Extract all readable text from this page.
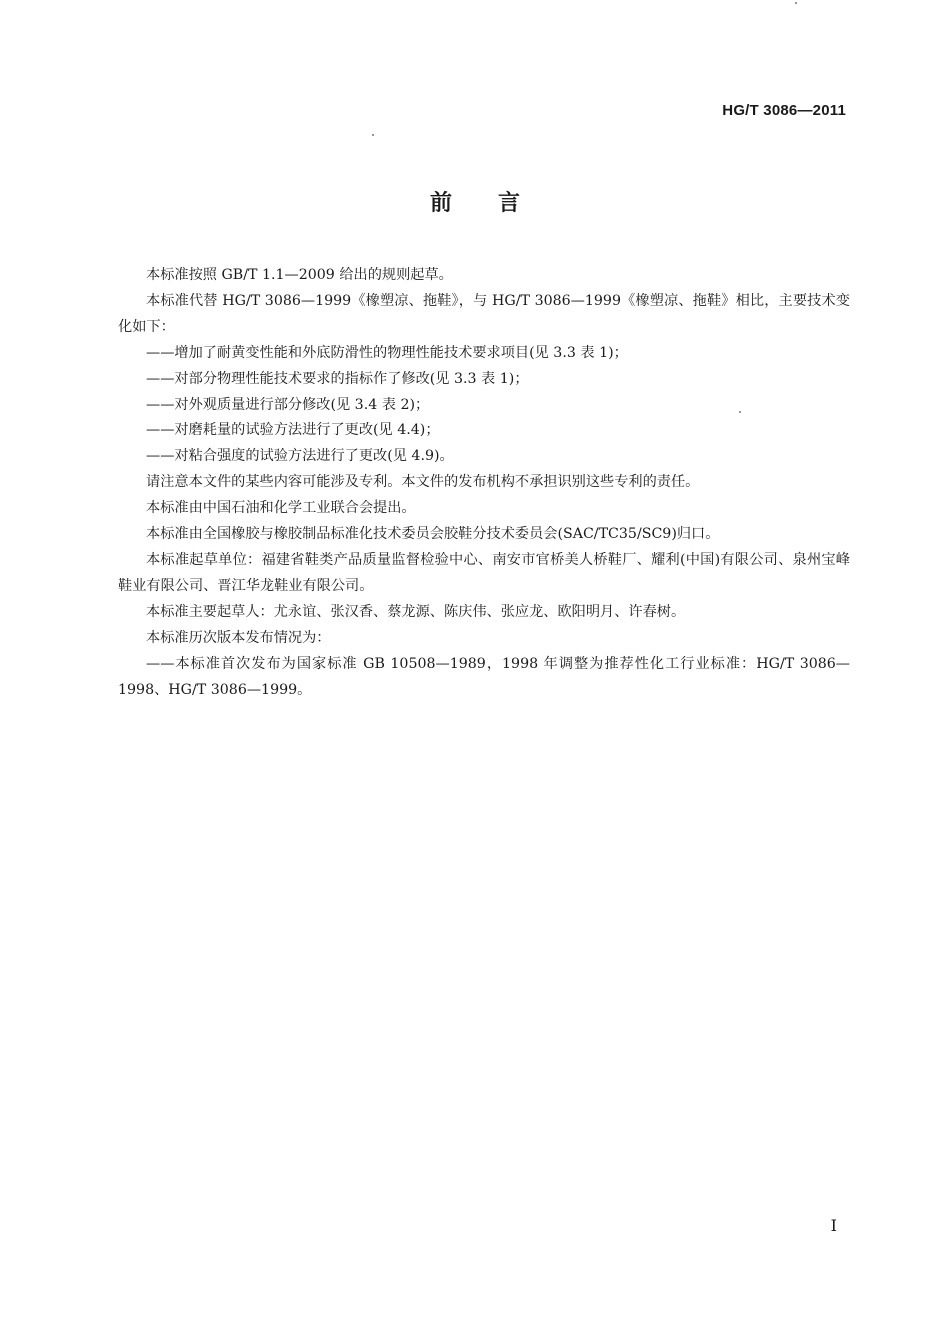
HG/T 3086—2011
前言

本标准按照 GB/T 1.1—2009 给出的规则起草。

本标准代替 HG/T 3086—1999《橡塑凉、拖鞋》，与 HG/T 3086—1999《橡塑凉、拖鞋》相比，主要技术变化如下：

——增加了耐黄变性能和外底防滑性的物理性能技术要求项目(见 3.3 表 1)；

——对部分物理性能技术要求的指标作了修改(见 3.3 表 1)；

——对外观质量进行部分修改(见 3.4 表 2)；

——对磨耗量的试验方法进行了更改(见 4.4)；

——对粘合强度的试验方法进行了更改(见 4.9)。

请注意本文件的某些内容可能涉及专利。本文件的发布机构不承担识别这些专利的责任。

本标准由中国石油和化学工业联合会提出。

本标准由全国橡胶与橡胶制品标准化技术委员会胶鞋分技术委员会(SAC/TC35/SC9)归口。

本标准起草单位：福建省鞋类产品质量监督检验中心、南安市官桥美人桥鞋厂、耀利(中国)有限公司、泉州宝峰鞋业有限公司、晋江华龙鞋业有限公司。

本标准主要起草人：尤永谊、张汉香、蔡龙源、陈庆伟、张应龙、欧阳明月、许春树。

本标准历次版本发布情况为：

——本标准首次发布为国家标准 GB 10508—1989，1998 年调整为推荐性化工行业标准：HG/T 3086—1998、HG/T 3086—1999。

I
